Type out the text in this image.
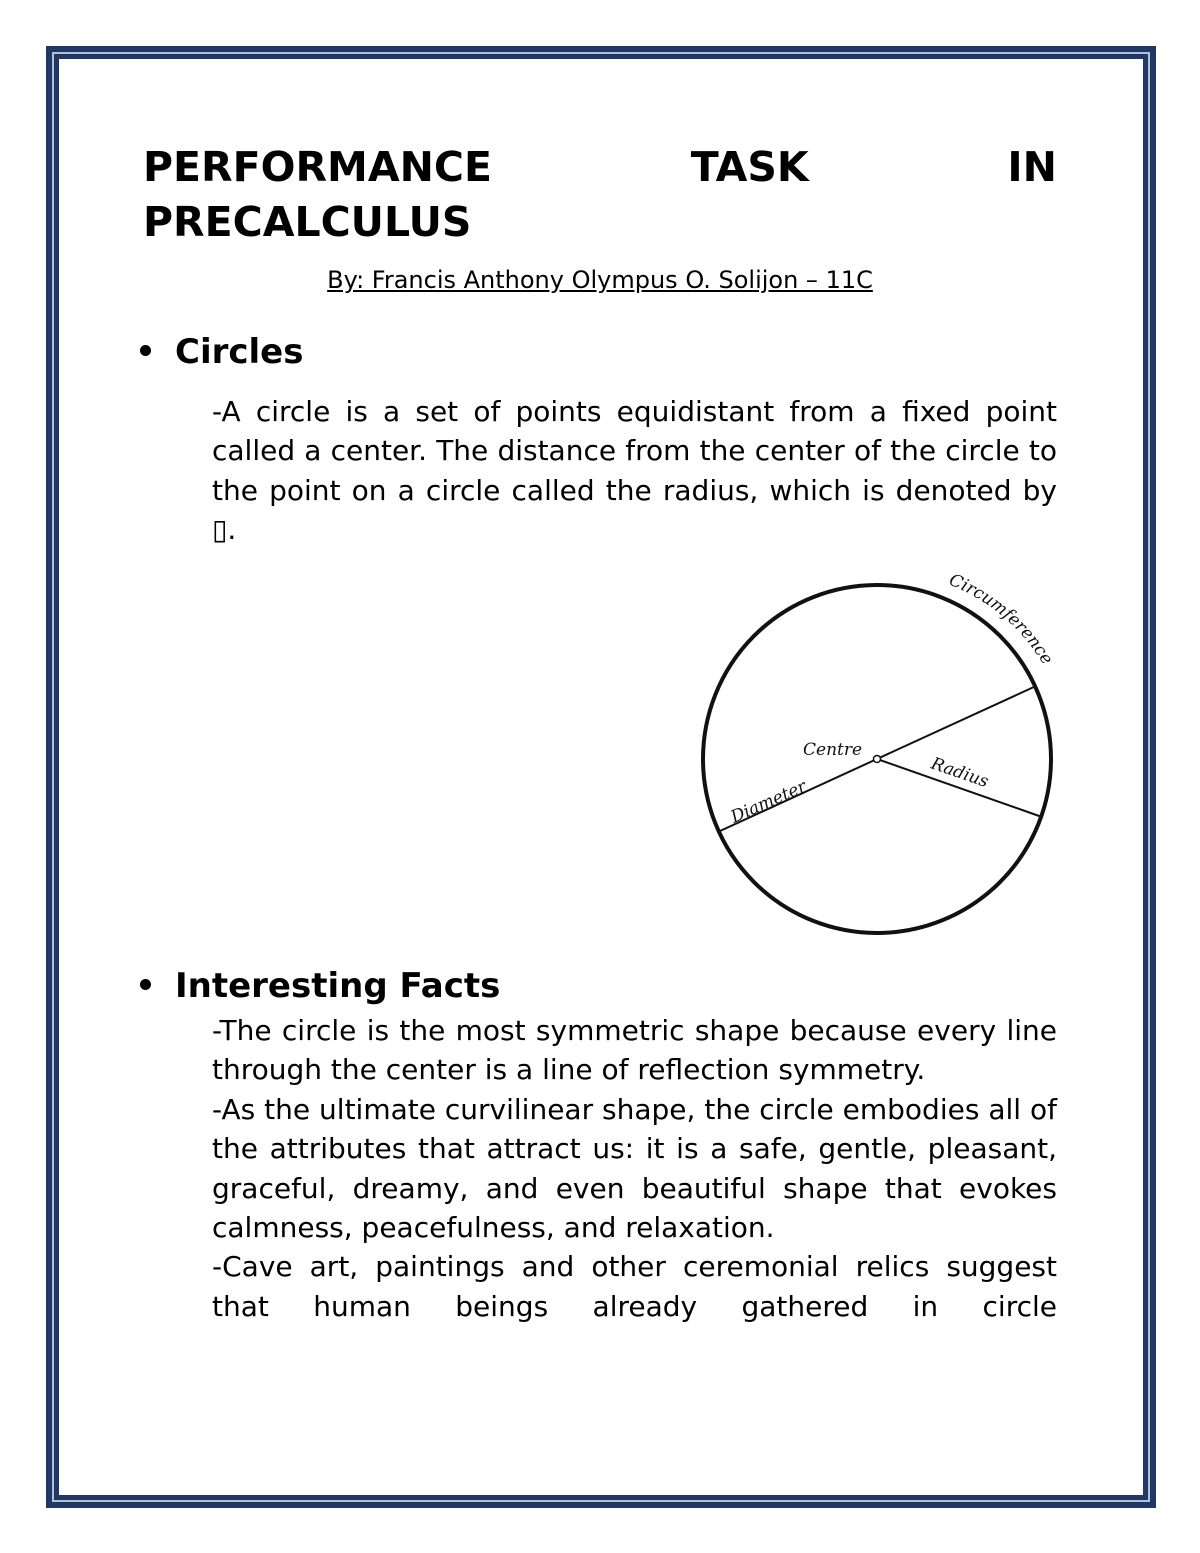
PERFORMANCE TASK IN
PRECALCULUS
By: Francis Anthony Olympus O. Solijon – 11C
Circles

-A circle is a set of points equidistant from a fixed point called a center. The distance from the center of the circle to the point on a circle called the radius, which is denoted by ▯.

Centre
Radius
Diameter
Circumference
Interesting Facts

-The circle is the most symmetric shape because every line through the center is a line of reflection symmetry.

-As the ultimate curvilinear shape, the circle embodies all of the attributes that attract us: it is a safe, gentle, pleasant, graceful, dreamy, and even beautiful shape that evokes calmness, peacefulness, and relaxation.

-Cave art, paintings and other ceremonial relics suggest that human beings already gathered in circle
